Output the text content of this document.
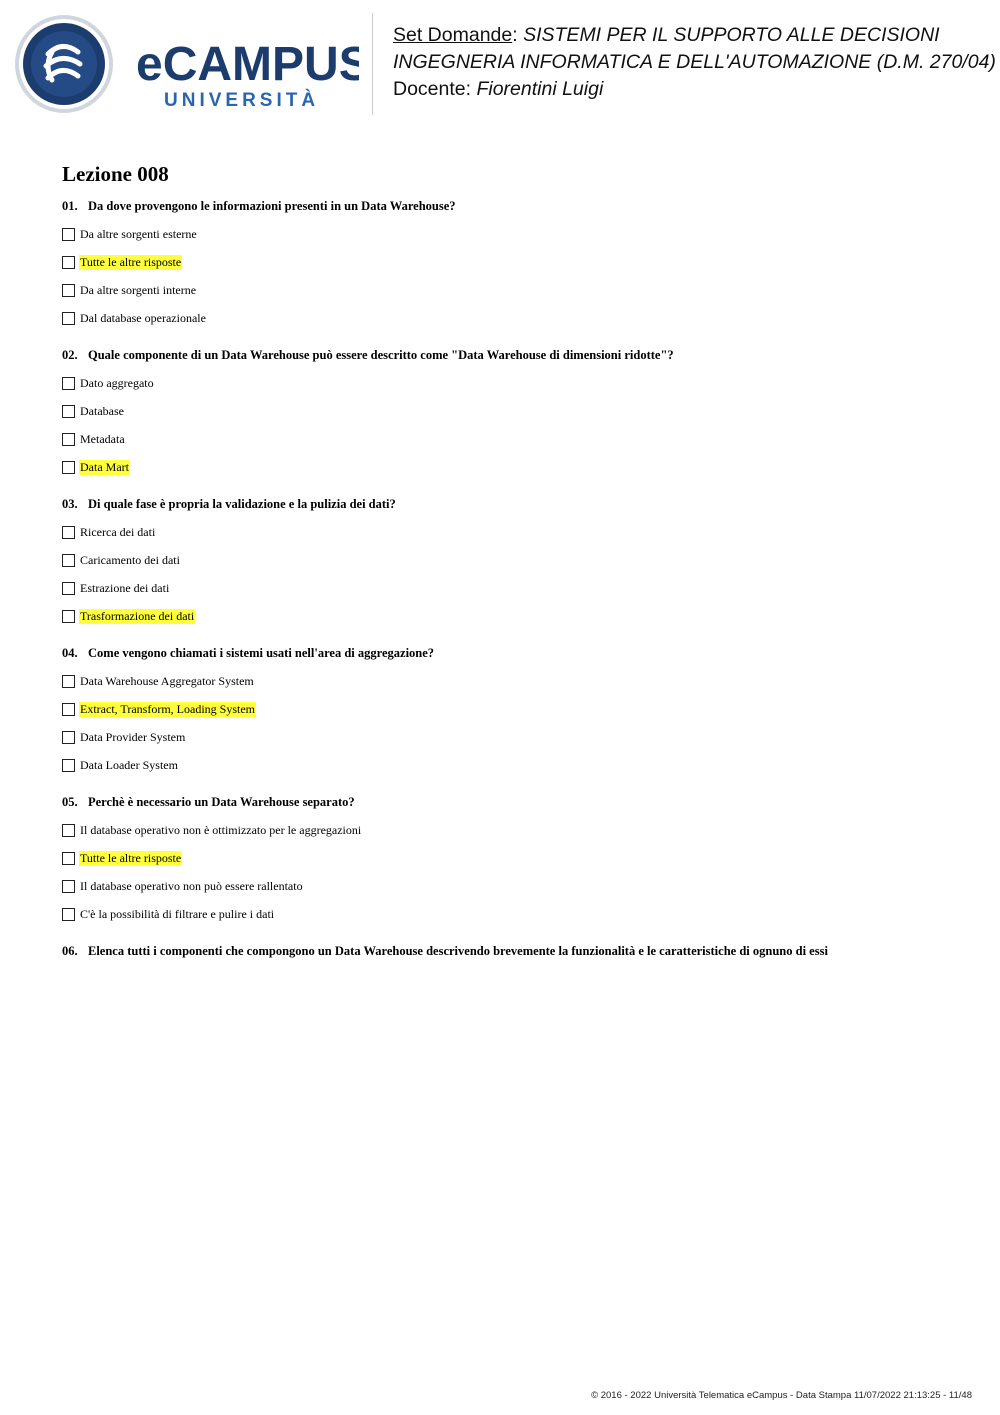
eCAMPUS
UNIVERSITÀ
Set Domande: SISTEMI PER IL SUPPORTO ALLE DECISIONI
INGEGNERIA INFORMATICA E DELL'AUTOMAZIONE (D.M. 270/04)
Docente: Fiorentini Luigi
Lezione 008
01. Da dove provengono le informazioni presenti in un Data Warehouse?
Da altre sorgenti esterne
Tutte le altre risposte
Da altre sorgenti interne
Dal database operazionale
02. Quale componente di un Data Warehouse può essere descritto come "Data Warehouse di dimensioni ridotte"?
Dato aggregato
Database
Metadata
Data Mart
03. Di quale fase è propria la validazione e la pulizia dei dati?
Ricerca dei dati
Caricamento dei dati
Estrazione dei dati
Trasformazione dei dati
04. Come vengono chiamati i sistemi usati nell'area di aggregazione?
Data Warehouse Aggregator System
Extract, Transform, Loading System
Data Provider System
Data Loader System
05. Perchè è necessario un Data Warehouse separato?
Il database operativo non è ottimizzato per le aggregazioni
Tutte le altre risposte
Il database operativo non può essere rallentato
C'è la possibilità di filtrare e pulire i dati
06. Elenca tutti i componenti che compongono un Data Warehouse descrivendo brevemente la funzionalità e le caratteristiche di ognuno di essi
© 2016 - 2022 Università Telematica eCampus - Data Stampa 11/07/2022 21:13:25 - 11/48
